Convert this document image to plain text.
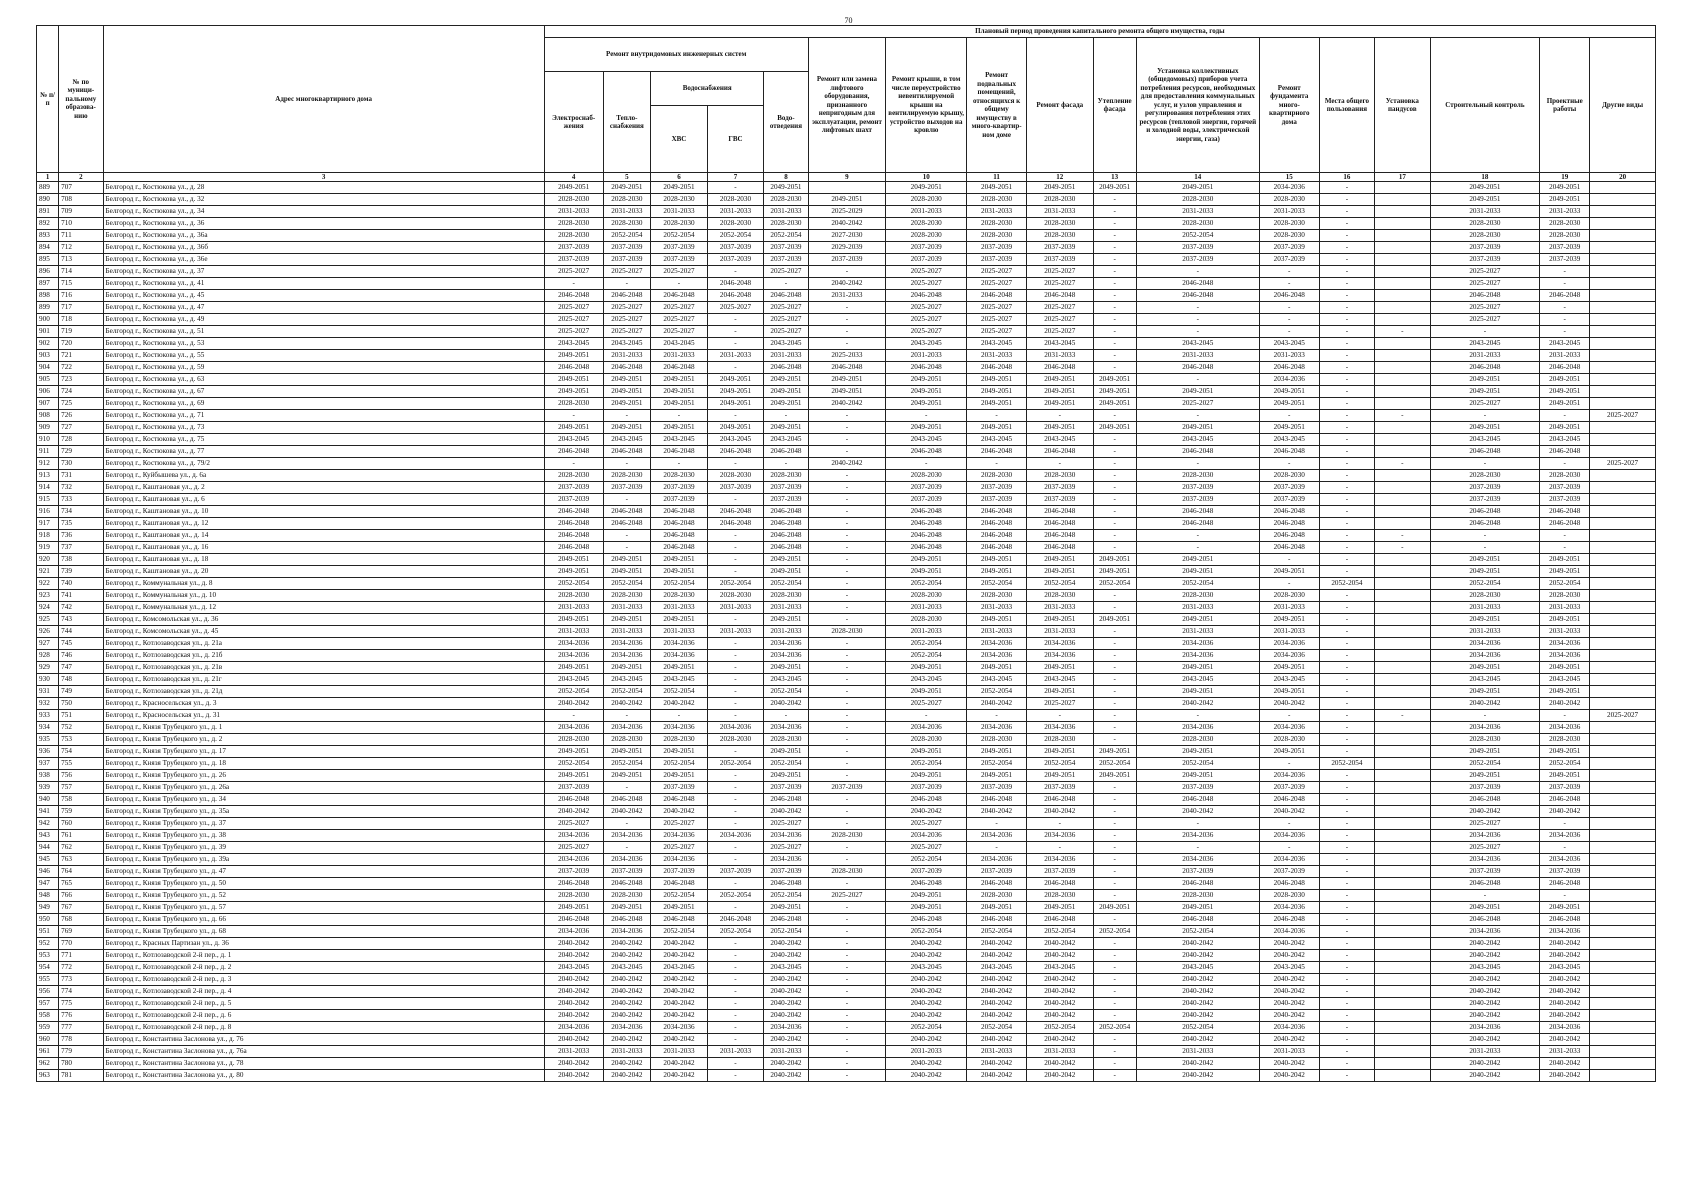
70
№ п/п	№ по муници-пальному образова-нию	Адрес многоквартирного дома	Плановый период проведения капитального ремонта общего имущества, годы																
			Ремонт внутридомовых инженерных систем					Ремонт или замена лифтового оборудования, признанного непригодным для эксплуатации, ремонт лифтовых шахт	Ремонт крыши, в том числе переустройство невентилируемой крыши на вентилируемую крышу, устройство выходов на кровлю	Ремонт подвальных помещений, относящихся к общему имуществу в много-квартир-ном доме	Ремонт фасада	Утепление фасада	Установка коллективных (общедомовых) приборов учета потребления ресурсов, необходимых для предоставления коммунальных услуг, и узлов управления и регулирования потребления этих ресурсов (тепловой энергии, горячей и холодной воды, электрической энергии, газа)	Ремонт фундамента много-квартирного дома	Места общего пользования	Установка пандусов	Строительный контроль	Проектные работы	Другие виды
			Электроснаб-жения	Тепло-снабжения	Водоснабжения		Водо-отведения												
					ХВС	ГВС													
1	2	3	4	5	6	7	8	9	10	11	12	13	14	15	16	17	18	19	20
889	707	Белгород г., Костюкова ул., д. 28	2049-2051	2049-2051	2049-2051	-	2049-2051		2049-2051	2049-2051	2049-2051	2049-2051	2049-2051	2034-2036	-		2049-2051	2049-2051	
890	708	Белгород г., Костюкова ул., д. 32	2028-2030	2028-2030	2028-2030	2028-2030	2028-2030	2049-2051	2028-2030	2028-2030	2028-2030	-	2028-2030	2028-2030	-		2049-2051	2049-2051	
891	709	Белгород г., Костюкова ул., д. 34	2031-2033	2031-2033	2031-2033	2031-2033	2031-2033	2025-2029	2031-2033	2031-2033	2031-2033	-	2031-2033	2031-2033	-		2031-2033	2031-2033	
892	710	Белгород г., Костюкова ул., д. 36	2028-2030	2028-2030	2028-2030	2028-2030	2028-2030	2040-2042	2028-2030	2028-2030	2028-2030	-	2028-2030	2028-2030	-		2028-2030	2028-2030	
893	711	Белгород г., Костюкова ул., д. 36а	2028-2030	2052-2054	2052-2054	2052-2054	2052-2054	2027-2030	2028-2030	2028-2030	2028-2030	-	2052-2054	2028-2030	-		2028-2030	2028-2030	
894	712	Белгород г., Костюкова ул., д. 36б	2037-2039	2037-2039	2037-2039	2037-2039	2037-2039	2029-2039	2037-2039	2037-2039	2037-2039	-	2037-2039	2037-2039	-		2037-2039	2037-2039	
895	713	Белгород г., Костюкова ул., д. 36е	2037-2039	2037-2039	2037-2039	2037-2039	2037-2039	2037-2039	2037-2039	2037-2039	2037-2039	-	2037-2039	2037-2039	-		2037-2039	2037-2039	
896	714	Белгород г., Костюкова ул., д. 37	2025-2027	2025-2027	2025-2027	-	2025-2027	-	2025-2027	2025-2027	2025-2027	-	-	-	-		2025-2027	-	
897	715	Белгород г., Костюкова ул., д. 41	-	-	-	2046-2048	-	2040-2042	2025-2027	2025-2027	2025-2027	-	2046-2048	-	-		2025-2027	-	
898	716	Белгород г., Костюкова ул., д. 45	2046-2048	2046-2048	2046-2048	2046-2048	2046-2048	2031-2033	2046-2048	2046-2048	2046-2048	-	2046-2048	2046-2048	-		2046-2048	2046-2048	
899	717	Белгород г., Костюкова ул., д. 47	2025-2027	2025-2027	2025-2027	2025-2027	2025-2027	-	2025-2027	2025-2027	2025-2027	-	-	-	-		2025-2027	-	
900	718	Белгород г., Костюкова ул., д. 49	2025-2027	2025-2027	2025-2027	-	2025-2027	-	2025-2027	2025-2027	2025-2027	-	-	-	-		2025-2027	-	
901	719	Белгород г., Костюкова ул., д. 51	2025-2027	2025-2027	2025-2027	-	2025-2027	-	2025-2027	2025-2027	2025-2027	-	-	-	-	-	-	-	
902	720	Белгород г., Костюкова ул., д. 53	2043-2045	2043-2045	2043-2045	-	2043-2045	-	2043-2045	2043-2045	2043-2045	-	2043-2045	2043-2045	-		2043-2045	2043-2045	
903	721	Белгород г., Костюкова ул., д. 55	2049-2051	2031-2033	2031-2033	2031-2033	2031-2033	2025-2033	2031-2033	2031-2033	2031-2033	-	2031-2033	2031-2033	-		2031-2033	2031-2033	
904	722	Белгород г., Костюкова ул., д. 59	2046-2048	2046-2048	2046-2048	-	2046-2048	2046-2048	2046-2048	2046-2048	2046-2048	-	2046-2048	2046-2048	-		2046-2048	2046-2048	
905	723	Белгород г., Костюкова ул., д. 63	2049-2051	2049-2051	2049-2051	2049-2051	2049-2051	2049-2051	2049-2051	2049-2051	2049-2051	2049-2051	-	2034-2036	-		2049-2051	2049-2051	
906	724	Белгород г., Костюкова ул., д. 67	2049-2051	2049-2051	2049-2051	2049-2051	2049-2051	2049-2051	2049-2051	2049-2051	2049-2051	2049-2051	2049-2051	2049-2051	-		2049-2051	2049-2051	
907	725	Белгород г., Костюкова ул., д. 69	2028-2030	2049-2051	2049-2051	2049-2051	2049-2051	2040-2042	2049-2051	2049-2051	2049-2051	2049-2051	2025-2027	2049-2051	-		2025-2027	2049-2051	
908	726	Белгород г., Костюкова ул., д. 71	-	-	-	-	-	-	-	-	-	-	-	-	-	-	-	-	2025-2027
909	727	Белгород г., Костюкова ул., д. 73	2049-2051	2049-2051	2049-2051	2049-2051	2049-2051	-	2049-2051	2049-2051	2049-2051	2049-2051	2049-2051	2049-2051	-		2049-2051	2049-2051	
910	728	Белгород г., Костюкова ул., д. 75	2043-2045	2043-2045	2043-2045	2043-2045	2043-2045	-	2043-2045	2043-2045	2043-2045	-	2043-2045	2043-2045	-		2043-2045	2043-2045	
911	729	Белгород г., Костюкова ул., д. 77	2046-2048	2046-2048	2046-2048	2046-2048	2046-2048	-	2046-2048	2046-2048	2046-2048	-	2046-2048	2046-2048	-		2046-2048	2046-2048	
912	730	Белгород г., Костюкова ул., д. 79/2	-	-	-	-	-	2040-2042	-	-	-	-	-	-	-	-	-	-	2025-2027
913	731	Белгород г., Куйбышева ул., д. 6а	2028-2030	2028-2030	2028-2030	2028-2030	2028-2030	-	2028-2030	2028-2030	2028-2030	-	2028-2030	2028-2030	-		2028-2030	2028-2030	
914	732	Белгород г., Каштановая ул., д. 2	2037-2039	2037-2039	2037-2039	2037-2039	2037-2039	-	2037-2039	2037-2039	2037-2039	-	2037-2039	2037-2039	-		2037-2039	2037-2039	
915	733	Белгород г., Каштановая ул., д. 6	2037-2039	-	2037-2039	-	2037-2039	-	2037-2039	2037-2039	2037-2039	-	2037-2039	2037-2039	-		2037-2039	2037-2039	
916	734	Белгород г., Каштановая ул., д. 10	2046-2048	2046-2048	2046-2048	2046-2048	2046-2048	-	2046-2048	2046-2048	2046-2048	-	2046-2048	2046-2048	-		2046-2048	2046-2048	
917	735	Белгород г., Каштановая ул., д. 12	2046-2048	2046-2048	2046-2048	2046-2048	2046-2048	-	2046-2048	2046-2048	2046-2048	-	2046-2048	2046-2048	-		2046-2048	2046-2048	
918	736	Белгород г., Каштановая ул., д. 14	2046-2048	-	2046-2048	-	2046-2048	-	2046-2048	2046-2048	2046-2048	-	-	2046-2048	-	-	-	-	
919	737	Белгород г., Каштановая ул., д. 16	2046-2048	-	2046-2048	-	2046-2048	-	2046-2048	2046-2048	2046-2048	-	-	2046-2048	-	-	-	-	
920	738	Белгород г., Каштановая ул., д. 18	2049-2051	2049-2051	2049-2051	-	2049-2051	-	2049-2051	2049-2051	2049-2051	2049-2051	2049-2051	-	-		2049-2051	2049-2051	
921	739	Белгород г., Каштановая ул., д. 20	2049-2051	2049-2051	2049-2051	-	2049-2051	-	2049-2051	2049-2051	2049-2051	2049-2051	2049-2051	2049-2051	-		2049-2051	2049-2051	
922	740	Белгород г., Коммунальная ул., д. 8	2052-2054	2052-2054	2052-2054	2052-2054	2052-2054	-	2052-2054	2052-2054	2052-2054	2052-2054	2052-2054	-	2052-2054		2052-2054	2052-2054	
923	741	Белгород г., Коммунальная ул., д. 10	2028-2030	2028-2030	2028-2030	2028-2030	2028-2030	-	2028-2030	2028-2030	2028-2030	-	2028-2030	2028-2030	-		2028-2030	2028-2030	
924	742	Белгород г., Коммунальная ул., д. 12	2031-2033	2031-2033	2031-2033	2031-2033	2031-2033	-	2031-2033	2031-2033	2031-2033	-	2031-2033	2031-2033	-		2031-2033	2031-2033	
925	743	Белгород г., Комсомольская ул., д. 36	2049-2051	2049-2051	2049-2051	-	2049-2051	-	2028-2030	2049-2051	2049-2051	2049-2051	2049-2051	2049-2051	-		2049-2051	2049-2051	
926	744	Белгород г., Комсомольская ул., д. 45	2031-2033	2031-2033	2031-2033	2031-2033	2031-2033	2028-2030	2031-2033	2031-2033	2031-2033	-	2031-2033	2031-2033	-		2031-2033	2031-2033	
927	745	Белгород г., Котлозаводская ул., д. 21а	2034-2036	2034-2036	2034-2036	-	2034-2036	-	2052-2054	2034-2036	2034-2036	-	2034-2036	2034-2036	-		2034-2036	2034-2036	
928	746	Белгород г., Котлозаводская ул., д. 21б	2034-2036	2034-2036	2034-2036	-	2034-2036	-	2052-2054	2034-2036	2034-2036	-	2034-2036	2034-2036	-		2034-2036	2034-2036	
929	747	Белгород г., Котлозаводская ул., д. 21в	2049-2051	2049-2051	2049-2051	-	2049-2051	-	2049-2051	2049-2051	2049-2051	-	2049-2051	2049-2051	-		2049-2051	2049-2051	
930	748	Белгород г., Котлозаводская ул., д. 21г	2043-2045	2043-2045	2043-2045	-	2043-2045	-	2043-2045	2043-2045	2043-2045	-	2043-2045	2043-2045	-		2043-2045	2043-2045	
931	749	Белгород г., Котлозаводская ул., д. 21д	2052-2054	2052-2054	2052-2054	-	2052-2054	-	2049-2051	2052-2054	2049-2051	-	2049-2051	2049-2051	-		2049-2051	2049-2051	
932	750	Белгород г., Красносельская ул., д. 3	2040-2042	2040-2042	2040-2042	-	2040-2042	-	2025-2027	2040-2042	2025-2027	-	2040-2042	2040-2042	-		2040-2042	2040-2042	
933	751	Белгород г., Красносельская ул., д. 31	-	-	-	-	-	-	-	-	-	-	-	-	-	-	-	-	2025-2027
934	752	Белгород г., Князя Трубецкого ул., д. 1	2034-2036	2034-2036	2034-2036	2034-2036	2034-2036	-	2034-2036	2034-2036	2034-2036	-	2034-2036	2034-2036	-		2034-2036	2034-2036	
935	753	Белгород г., Князя Трубецкого ул., д. 2	2028-2030	2028-2030	2028-2030	2028-2030	2028-2030	-	2028-2030	2028-2030	2028-2030	-	2028-2030	2028-2030	-		2028-2030	2028-2030	
936	754	Белгород г., Князя Трубецкого ул., д. 17	2049-2051	2049-2051	2049-2051	-	2049-2051	-	2049-2051	2049-2051	2049-2051	2049-2051	2049-2051	2049-2051	-		2049-2051	2049-2051	
937	755	Белгород г., Князя Трубецкого ул., д. 18	2052-2054	2052-2054	2052-2054	2052-2054	2052-2054	-	2052-2054	2052-2054	2052-2054	2052-2054	2052-2054	-	2052-2054		2052-2054	2052-2054	
938	756	Белгород г., Князя Трубецкого ул., д. 26	2049-2051	2049-2051	2049-2051	-	2049-2051	-	2049-2051	2049-2051	2049-2051	2049-2051	2049-2051	2034-2036	-		2049-2051	2049-2051	
939	757	Белгород г., Князя Трубецкого ул., д. 26а	2037-2039	-	2037-2039	-	2037-2039	2037-2039	2037-2039	2037-2039	2037-2039	-	2037-2039	2037-2039	-		2037-2039	2037-2039	
940	758	Белгород г., Князя Трубецкого ул., д. 34	2046-2048	2046-2048	2046-2048	-	2046-2048	-	2046-2048	2046-2048	2046-2048	-	2046-2048	2046-2048	-		2046-2048	2046-2048	
941	759	Белгород г., Князя Трубецкого ул., д. 35а	2040-2042	2040-2042	2040-2042	-	2040-2042	-	2040-2042	2040-2042	2040-2042	-	2040-2042	2040-2042	-		2040-2042	2040-2042	
942	760	Белгород г., Князя Трубецкого ул., д. 37	2025-2027	-	2025-2027	-	2025-2027	-	2025-2027	-	-	-	-	-	-		2025-2027	-	
943	761	Белгород г., Князя Трубецкого ул., д. 38	2034-2036	2034-2036	2034-2036	2034-2036	2034-2036	2028-2030	2034-2036	2034-2036	2034-2036	-	2034-2036	2034-2036	-		2034-2036	2034-2036	
944	762	Белгород г., Князя Трубецкого ул., д. 39	2025-2027	-	2025-2027	-	2025-2027	-	2025-2027	-	-	-	-	-	-		2025-2027	-	
945	763	Белгород г., Князя Трубецкого ул., д. 39а	2034-2036	2034-2036	2034-2036	-	2034-2036	-	2052-2054	2034-2036	2034-2036	-	2034-2036	2034-2036	-		2034-2036	2034-2036	
946	764	Белгород г., Князя Трубецкого ул., д. 47	2037-2039	2037-2039	2037-2039	2037-2039	2037-2039	2028-2030	2037-2039	2037-2039	2037-2039	-	2037-2039	2037-2039	-		2037-2039	2037-2039	
947	765	Белгород г., Князя Трубецкого ул., д. 50	2046-2048	2046-2048	2046-2048	-	2046-2048	-	2046-2048	2046-2048	2046-2048	-	2046-2048	2046-2048	-		2046-2048	2046-2048	
948	766	Белгород г., Князя Трубецкого ул., д. 52	2028-2030	2028-2030	2052-2054	2052-2054	2052-2054	2025-2027	2049-2051	2028-2030	2028-2030	-	2028-2030	2028-2030	-		-	-	
949	767	Белгород г., Князя Трубецкого ул., д. 57	2049-2051	2049-2051	2049-2051	-	2049-2051	-	2049-2051	2049-2051	2049-2051	2049-2051	2049-2051	2034-2036	-		2049-2051	2049-2051	
950	768	Белгород г., Князя Трубецкого ул., д. 66	2046-2048	2046-2048	2046-2048	2046-2048	2046-2048	-	2046-2048	2046-2048	2046-2048	-	2046-2048	2046-2048	-		2046-2048	2046-2048	
951	769	Белгород г., Князя Трубецкого ул., д. 68	2034-2036	2034-2036	2052-2054	2052-2054	2052-2054	-	2052-2054	2052-2054	2052-2054	2052-2054	2052-2054	2034-2036	-		2034-2036	2034-2036	
952	770	Белгород г., Красных Партизан ул., д. 36	2040-2042	2040-2042	2040-2042	-	2040-2042	-	2040-2042	2040-2042	2040-2042	-	2040-2042	2040-2042	-		2040-2042	2040-2042	
953	771	Белгород г., Котлозаводской 2-й пер., д. 1	2040-2042	2040-2042	2040-2042	-	2040-2042	-	2040-2042	2040-2042	2040-2042	-	2040-2042	2040-2042	-		2040-2042	2040-2042	
954	772	Белгород г., Котлозаводской 2-й пер., д. 2	2043-2045	2043-2045	2043-2045	-	2043-2045	-	2043-2045	2043-2045	2043-2045	-	2043-2045	2043-2045	-		2043-2045	2043-2045	
955	773	Белгород г., Котлозаводской 2-й пер., д. 3	2040-2042	2040-2042	2040-2042	-	2040-2042	-	2040-2042	2040-2042	2040-2042	-	2040-2042	2040-2042	-		2040-2042	2040-2042	
956	774	Белгород г., Котлозаводской 2-й пер., д. 4	2040-2042	2040-2042	2040-2042	-	2040-2042	-	2040-2042	2040-2042	2040-2042	-	2040-2042	2040-2042	-		2040-2042	2040-2042	
957	775	Белгород г., Котлозаводской 2-й пер., д. 5	2040-2042	2040-2042	2040-2042	-	2040-2042	-	2040-2042	2040-2042	2040-2042	-	2040-2042	2040-2042	-		2040-2042	2040-2042	
958	776	Белгород г., Котлозаводской 2-й пер., д. 6	2040-2042	2040-2042	2040-2042	-	2040-2042	-	2040-2042	2040-2042	2040-2042	-	2040-2042	2040-2042	-		2040-2042	2040-2042	
959	777	Белгород г., Котлозаводской 2-й пер., д. 8	2034-2036	2034-2036	2034-2036	-	2034-2036	-	2052-2054	2052-2054	2052-2054	2052-2054	2052-2054	2034-2036	-		2034-2036	2034-2036	
960	778	Белгород г., Константина Заслонова ул., д. 76	2040-2042	2040-2042	2040-2042	-	2040-2042	-	2040-2042	2040-2042	2040-2042	-	2040-2042	2040-2042	-		2040-2042	2040-2042	
961	779	Белгород г., Константина Заслонова ул., д. 76а	2031-2033	2031-2033	2031-2033	2031-2033	2031-2033	-	2031-2033	2031-2033	2031-2033	-	2031-2033	2031-2033	-		2031-2033	2031-2033	
962	780	Белгород г., Константина Заслонова ул., д. 78	2040-2042	2040-2042	2040-2042	-	2040-2042	-	2040-2042	2040-2042	2040-2042	-	2040-2042	2040-2042	-		2040-2042	2040-2042	
963	781	Белгород г., Константина Заслонова ул., д. 80	2040-2042	2040-2042	2040-2042	-	2040-2042	-	2040-2042	2040-2042	2040-2042	-	2040-2042	2040-2042	-		2040-2042	2040-2042	
